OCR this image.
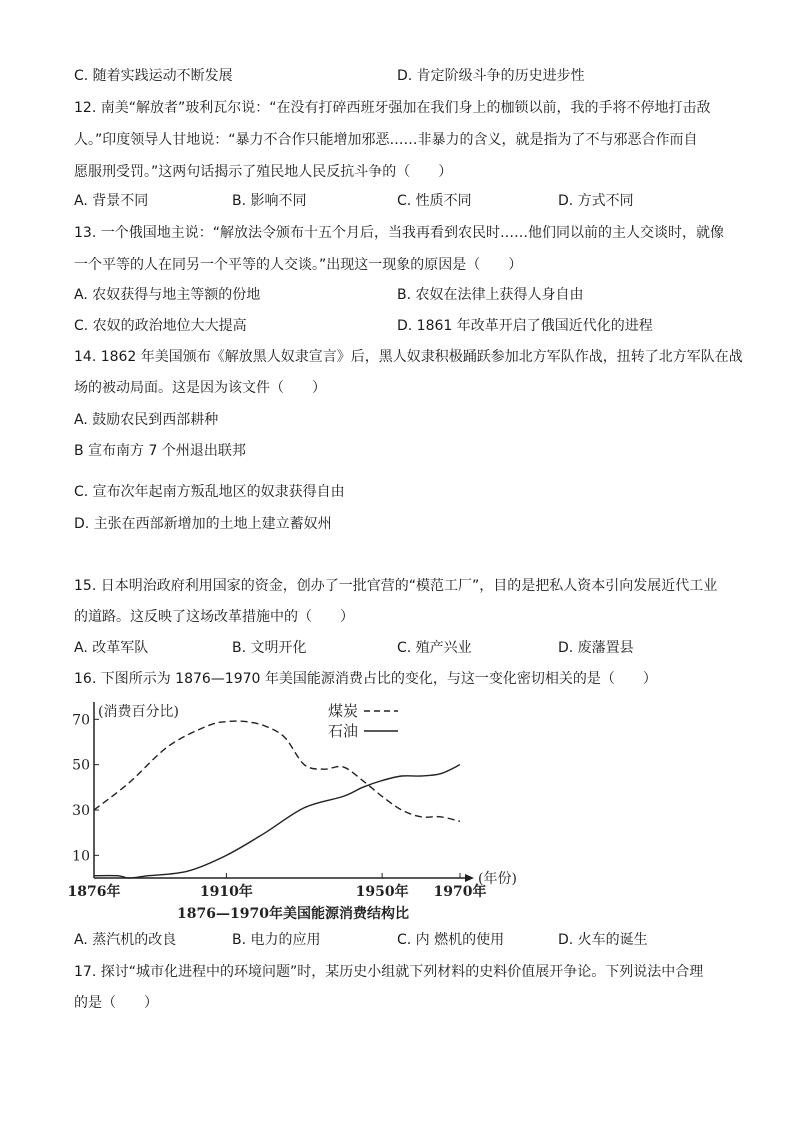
C. 随着实践运动不断发展	D. 肯定阶级斗争的历史进步性
12. 南美“解放者”玻利瓦尔说：“在没有打碎西班牙强加在我们身上的枷锁以前，我的手将不停地打击敌
人。”印度领导人甘地说：“暴力不合作只能增加邪恶……非暴力的含义，就是指为了不与邪恶合作而自
愿服刑受罚。”这两句话揭示了殖民地人民反抗斗争的（　　）
A. 背景不同	B. 影响不同	C. 性质不同	D. 方式不同
13. 一个俄国地主说：“解放法令颁布十五个月后，当我再看到农民时……他们同以前的主人交谈时，就像
一个平等的人在同另一个平等的人交谈。”出现这一现象的原因是（　　）
A. 农奴获得与地主等额的份地	B. 农奴在法律上获得人身自由
C. 农奴的政治地位大大提高	D. 1861 年改革开启了俄国近代化的进程
14. 1862 年美国颁布《解放黑人奴隶宣言》后，黑人奴隶积极踊跃参加北方军队作战，扭转了北方军队在战
场的被动局面。这是因为该文件（　　）
A. 鼓励农民到西部耕种
B 宣布南方 7 个州退出联邦
C. 宣布次年起南方叛乱地区的奴隶获得自由
D. 主张在西部新增加的土地上建立蓄奴州
15. 日本明治政府利用国家的资金，创办了一批官营的“模范工厂”，目的是把私人资本引向发展近代工业
的道路。这反映了这场改革措施中的（　　）
A. 改革军队	B. 文明开化	C. 殖产兴业	D. 废藩置县
16. 下图所示为 1876—1970 年美国能源消费占比的变化，与这一变化密切相关的是（　　）
70
50
30
10
1876年	1910年	1950年 1970年
(消费百分比)
(年份)
1876—1970年美国能源消费结构比
煤炭
石油
A. 蒸汽机的改良	B. 电力的应用	C. 内 燃机的使用	D. 火车的诞生
17. 探讨“城市化进程中的环境问题”时，某历史小组就下列材料的史料价值展开争论。下列说法中合理
的是（　　）
